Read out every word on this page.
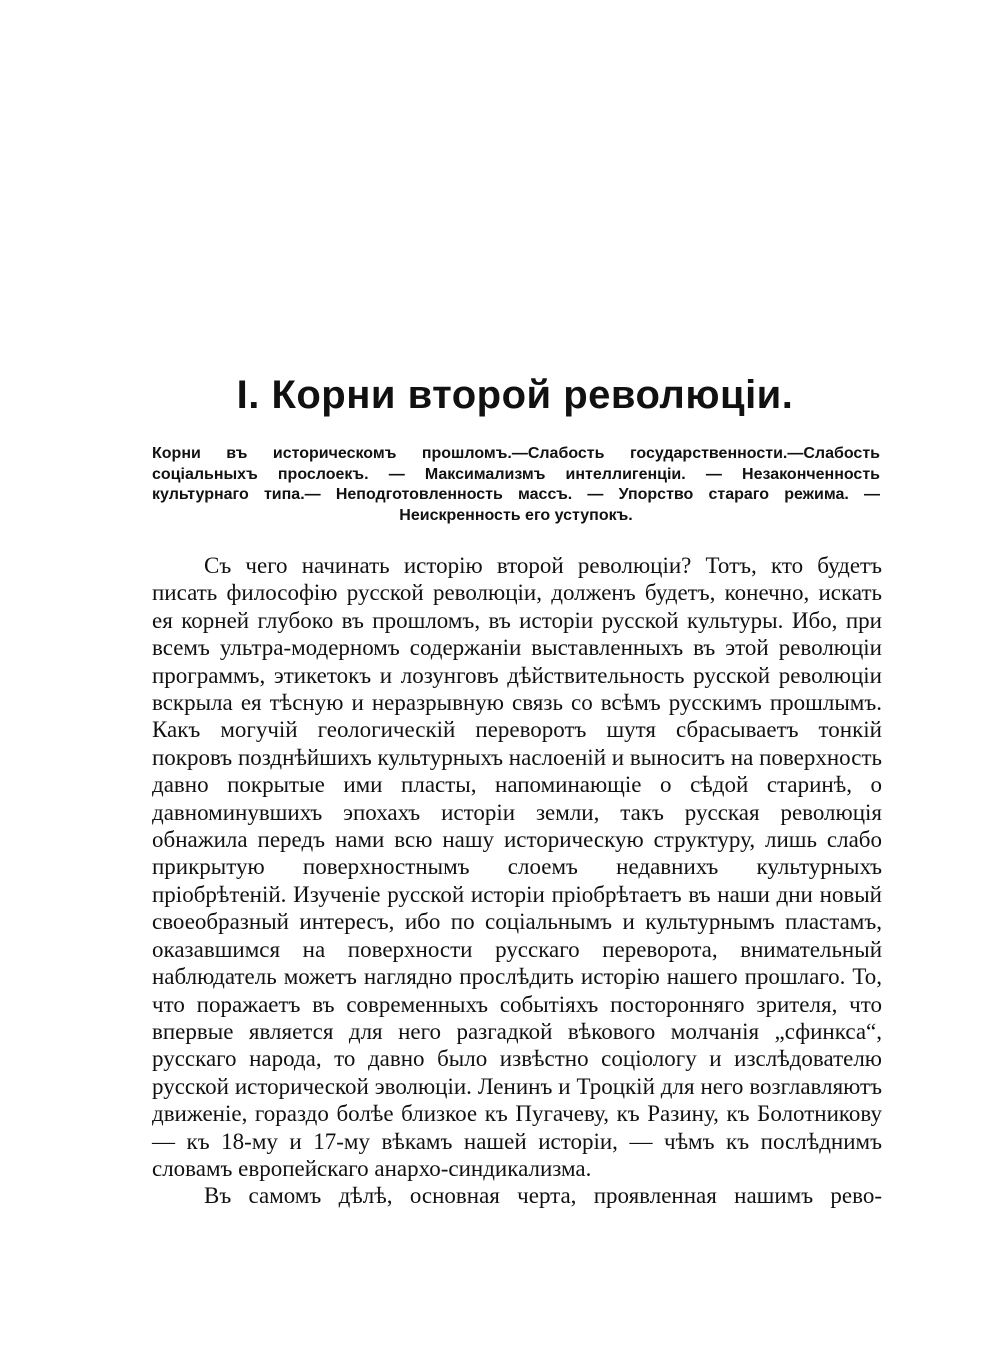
I. Корни второй революціи.

Корни въ историческомъ прошломъ.—Слабость государственности.—Слабость соціальныхъ прослоекъ. — Максимализмъ интеллигенціи. — Незаконченность культурнаго типа.— Неподготовленность массъ. — Упорство стараго режима. —Неискренность его уступокъ.

Съ чего начинать исторію второй революціи? Тотъ, кто будетъ писать философію русской революціи, долженъ будетъ, конечно, искать ея корней глубоко въ прошломъ, въ исторіи русской культуры. Ибо, при всемъ ультра-модерномъ содержаніи выставленныхъ въ этой революціи программъ, этикетокъ и лозунговъ дѣйствительность русской революціи вскрыла ея тѣсную и неразрывную связь со всѣмъ русскимъ прошлымъ. Какъ могучій геологическій переворотъ шутя сбрасываетъ тонкій покровъ позднѣйшихъ культурныхъ наслоеній и выноситъ на поверхность давно покрытые ими пласты, напоминающіе о сѣдой старинѣ, о давноминувшихъ эпохахъ исторіи земли, такъ русская революція обнажила передъ нами всю нашу историческую структуру, лишь слабо прикрытую поверхностнымъ слоемъ недавнихъ культурныхъ пріобрѣтеній. Изученіе русской исторіи пріобрѣтаетъ въ наши дни новый своеобразный интересъ, ибо по соціальнымъ и культурнымъ пластамъ, оказавшимся на поверхности русскаго переворота, внимательный наблюдатель можетъ наглядно прослѣдить исторію нашего прошлаго. То, что поражаетъ въ современныхъ событіяхъ посторонняго зрителя, что впервые является для него разгадкой вѣкового молчанія „сфинкса“, русскаго народа, то давно было извѣстно соціологу и изслѣдователю русской исторической эволюціи. Ленинъ и Троцкій для него возглавляютъ движеніе, гораздо болѣе близкое къ Пугачеву, къ Разину, къ Болотникову — къ 18-му и 17-му вѣкамъ нашей исторіи, — чѣмъ къ послѣднимъ словамъ европейскаго анархо-синдикализма.

Въ самомъ дѣлѣ, основная черта, проявленная нашимъ рево-
